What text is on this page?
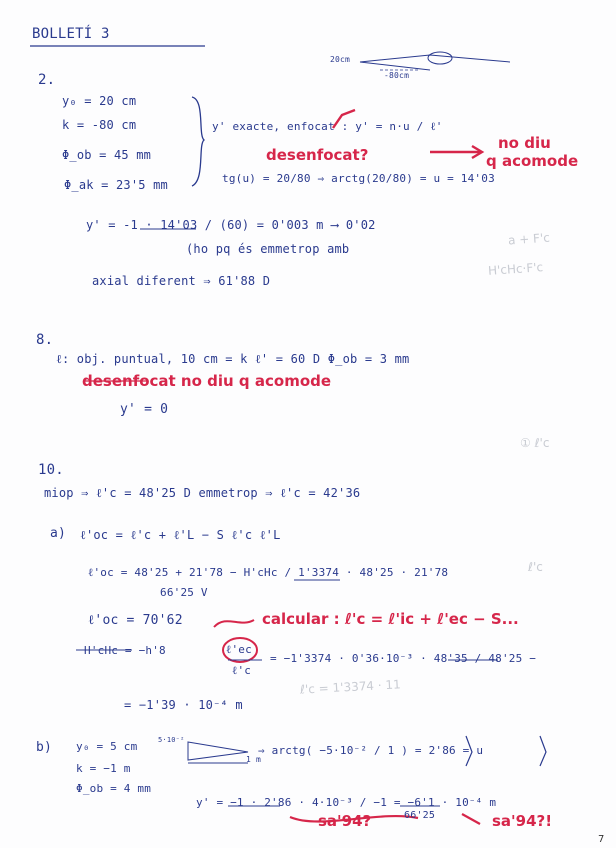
a + F'c
H'cHc·F'c
① ℓ'c
ℓ'c
ℓ'c = 1'3374 · 11
BOLLETÍ 3
20cm
-80cm
2.
y₀ = 20 cm
k = -80 cm
Φ_ob = 45 mm
Φ_ak = 23'5 mm
y' exacte, enfocat : y' = n·u / ℓ'
desenfocat?
no diu
q acomode
tg(u) = 20/80 ⇒ arctg(20/80) = u = 14'03
y' = -1 · 14'03 / (60) = 0'003 m ⟶ 0'02
(ho pq és emmetrop amb
axial diferent ⇒ 61'88 D
8.
ℓ: obj. puntual, 10 cm = k ℓ' = 60 D Φ_ob = 3 mm
desenfocat no diu q acomode
y' = 0
10.
miop ⇒ ℓ'c = 48'25 D emmetrop ⇒ ℓ'c = 42'36
a) ℓ'oc = ℓ'c + ℓ'L − S ℓ'c ℓ'L
ℓ'oc = 48'25 + 21'78 − H'cHc / 1'3374 · 48'25 · 21'78
66'25 V
ℓ'oc = 70'62	calcular : ℓ'c = ℓ'ic + ℓ'ec − S...
H'cHc = −h'8	ℓ'ec
ℓ'c
= −1'3374 · 0'36·10⁻³ · 48'35 / 48'25 −
= −1'39 · 10⁻⁴ m
b) y₀ = 5 cm
k = −1 m
Φ_ob = 4 mm
5·10⁻²
1 m
⇒ arctg( −5·10⁻² / 1 ) = 2'86 = u
y' = −1 · 2'86 · 4·10⁻³ / −1 = −6'1 · 10⁻⁴ m
66'25
sa'94?	sa'94?!
7
